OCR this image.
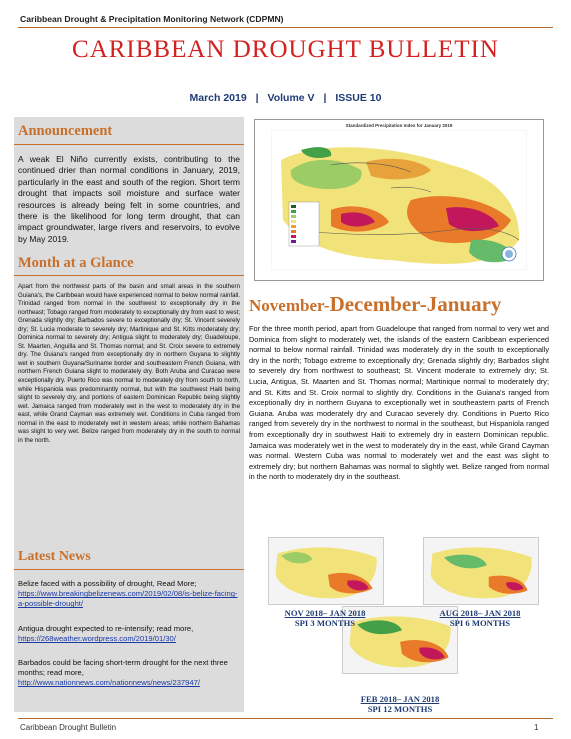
Caribbean Drought & Precipitation Monitoring Network (CDPMN)
CARIBBEAN DROUGHT BULLETIN
March 2019 | Volume V | ISSUE 10
Announcement
A weak El Niño currently exists, contributing to the continued drier than normal conditions in January, 2019, particularly in the east and south of the region. Short term drought that impacts soil moisture and surface water resources is already being felt in some countries, and there is the likelihood for long term drought, that can impact groundwater, large rivers and reservoirs, to evolve by May 2019.
Month at a Glance
Apart from the northwest parts of the basin and small areas in the southern Guiana's, the Caribbean would have experienced normal to below normal rainfall. Trinidad ranged from normal in the southwest to exceptionally dry in the northeast; Tobago ranged from moderately to exceptionally dry from east to west; Grenada slightly dry; Barbados severe to exceptionally dry; St. Vincent severely dry; St. Lucia moderate to severely dry; Martinique and St. Kitts moderately dry; Dominica normal to severely dry; Antigua slight to moderately dry; Guadeloupe, St. Maarten, Anguilla and St. Thomas normal; and St. Croix severe to extremely dry. The Guiana's ranged from exceptionally dry in northern Guyana to slightly wet in southern Guyana/Suriname border and southeastern French Guiana, with northern French Guiana slight to moderately dry. Both Aruba and Curacao were exceptionally dry. Puerto Rico was normal to moderately dry from south to north, while Hispaniola was predominantly normal, but with the southwest Haiti being slight to severely dry, and portions of eastern Dominican Republic being slightly wet. Jamaica ranged from moderately wet in the west to moderately dry in the east, while Grand Cayman was extremely wet. Conditions in Cuba ranged from normal in the east to moderately wet in western areas; while northern Bahamas was slight to very wet. Belize ranged from moderately dry in the south to normal in the north.
Latest News
Belize faced with a possibility of drought, Read More; https://www.breakingbelizenews.com/2019/02/08/is-belize-facing-a-possible-drought/
Antigua drought expected to re-intensify; read more, https://268weather.wordpress.com/2019/01/30/
Barbados could be facing short-term drought for the next three months; read more, http://www.nationnews.com/nationnews/news/237947/
Standardized Precipitation Index for January 2019
November-December-January
For the three month period, apart from Guadeloupe that ranged from normal to very wet and Dominica from slight to moderately wet, the islands of the eastern Caribbean experienced normal to below normal rainfall. Trinidad was moderately dry in the south to exceptionally dry in the north; Tobago extreme to exceptionally dry; Grenada slightly dry; Barbados slight to severely dry from northwest to southeast; St. Vincent moderate to extremely dry; St. Lucia, Antigua, St. Maarten and St. Thomas normal; Martinique normal to moderately dry; and St. Kitts and St. Croix normal to slightly dry. Conditions in the Guiana's ranged from exceptionally dry in northern Guyana to exceptionally wet in southeastern parts of French Guiana. Aruba was moderately dry and Curacao severely dry. Conditions in Puerto Rico ranged from severely dry in the northwest to normal in the southeast, but Hispaniola ranged from exceptionally dry in southwest Haiti to extremely dry in eastern Dominican republic. Jamaica was moderately wet in the west to moderately dry in the east, while Grand Cayman was normal. Western Cuba was normal to moderately wet and the east was slight to extremely dry; but northern Bahamas was normal to slightly wet. Belize ranged from normal in the north to moderately dry in the southeast.
NOV 2018– JAN 2018
SPI 3 MONTHS
AUG 2018– JAN 2018
SPI 6 MONTHS
FEB 2018– JAN 2018
SPI 12 MONTHS
Caribbean Drought Bulletin	1
